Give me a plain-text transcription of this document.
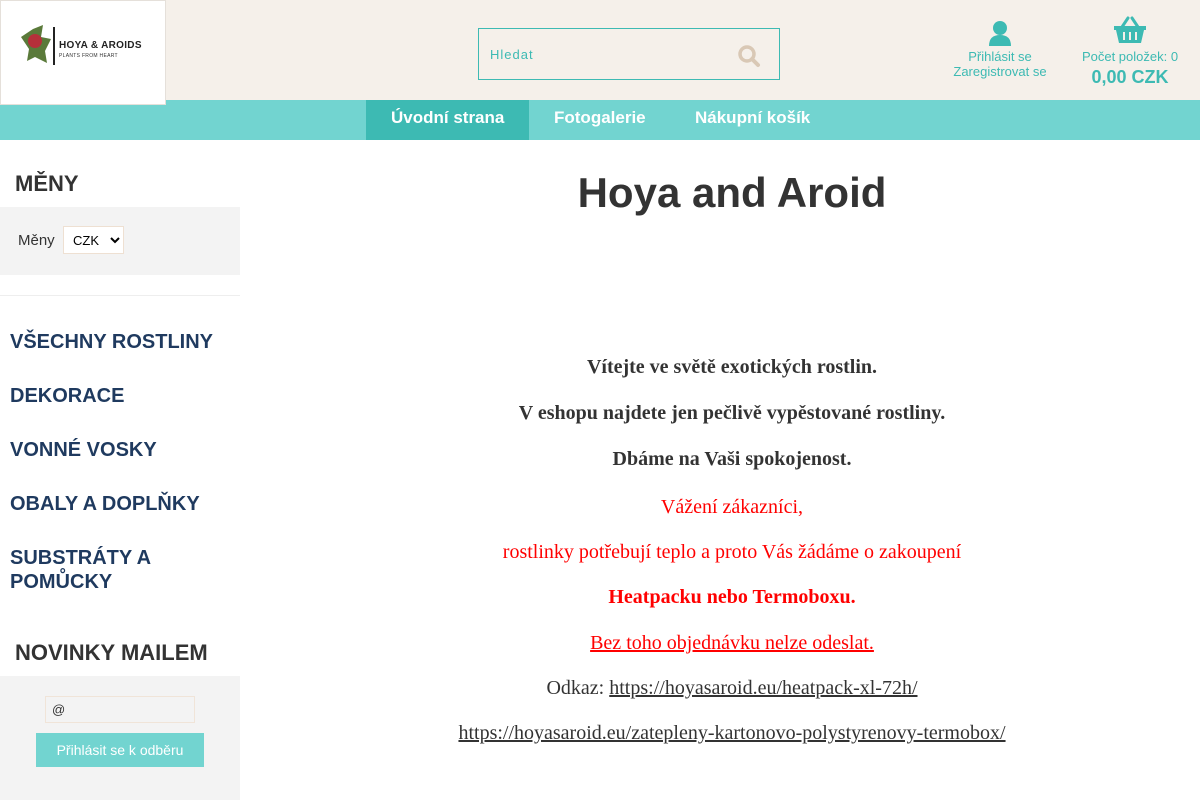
HOYA & AROIDS
PLANTS FROM HEART
Hledat	Přihlásit se
Zaregistrovat se
Počet položek: 0
0,00 CZK
Úvodní strana	Fotogalerie	Nákupní košík
MĚNY
Měny
CZK
VŠECHNY ROSTLINY
DEKORACE
VONNÉ VOSKY
OBALY A DOPLŇKY
SUBSTRÁTY A POMŮCKY
NOVINKY MAILEM
@
Přihlásit se k odběru
Hoya and Aroid
Vítejte ve světě exotických rostlin.
V eshopu najdete jen pečlivě vypěstované rostliny.
Dbáme na Vaši spokojenost.
Vážení zákazníci,
rostlinky potřebují teplo a proto Vás žádáme o zakoupení
Heatpacku nebo Termoboxu.
Bez toho objednávku nelze odeslat.
Odkaz: https://hoyasaroid.eu/heatpack-xl-72h/
https://hoyasaroid.eu/zatepleny-kartonovo-polystyrenovy-termobox/
